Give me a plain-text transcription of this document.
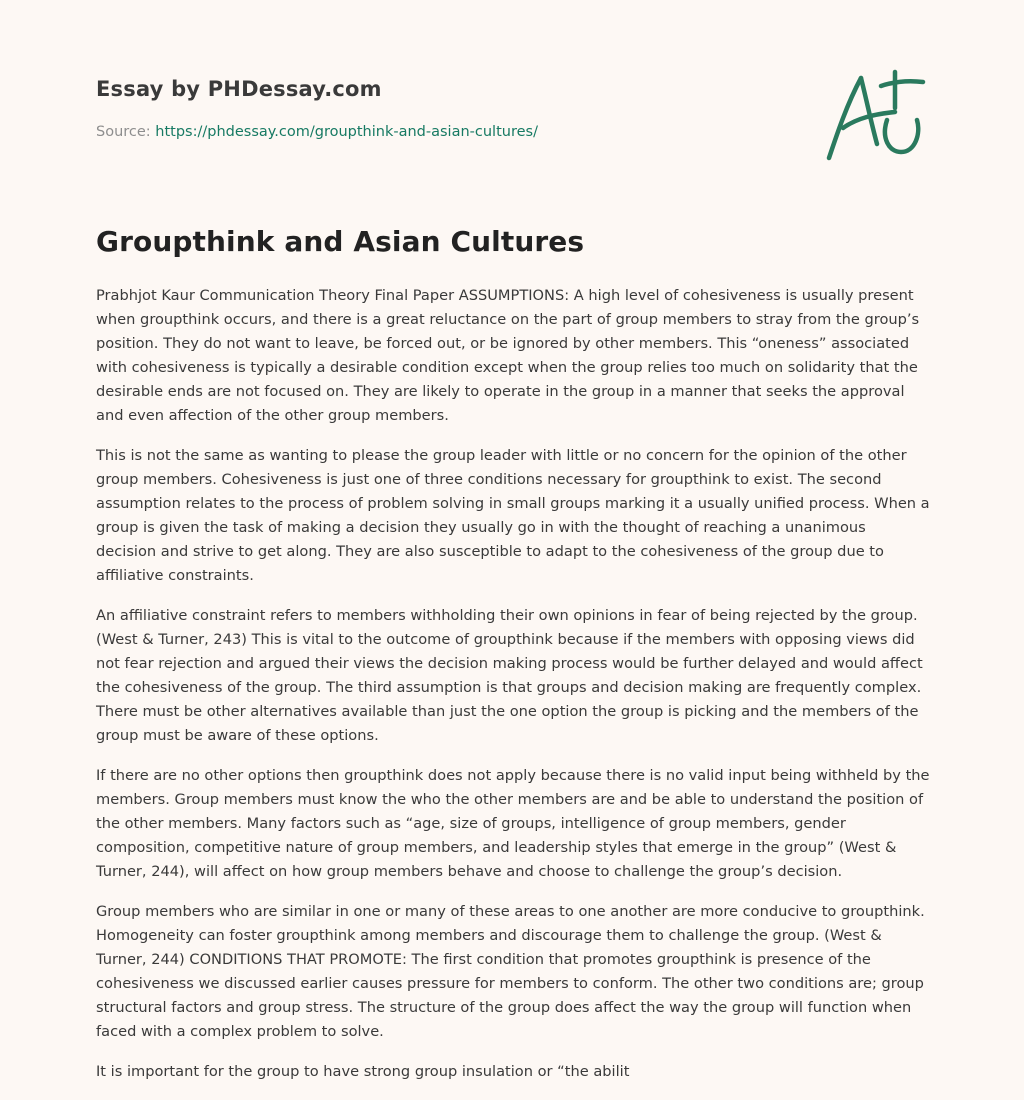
Essay by PHDessay.com

Source: https://phdessay.com/groupthink-and-asian-cultures/

Groupthink and Asian Cultures

Prabhjot Kaur Communication Theory Final Paper ASSUMPTIONS: A high level of cohesiveness is usually present when groupthink occurs, and there is a great reluctance on the part of group members to stray from the group’s position. They do not want to leave, be forced out, or be ignored by other members. This “oneness” associated with cohesiveness is typically a desirable condition except when the group relies too much on solidarity that the desirable ends are not focused on. They are likely to operate in the group in a manner that seeks the approval and even affection of the other group members.

This is not the same as wanting to please the group leader with little or no concern for the opinion of the other group members. Cohesiveness is just one of three conditions necessary for groupthink to exist. The second assumption relates to the process of problem solving in small groups marking it a usually unified process. When a group is given the task of making a decision they usually go in with the thought of reaching a unanimous decision and strive to get along. They are also susceptible to adapt to the cohesiveness of the group due to affiliative constraints.

An affiliative constraint refers to members withholding their own opinions in fear of being rejected by the group. (West & Turner, 243) This is vital to the outcome of groupthink because if the members with opposing views did not fear rejection and argued their views the decision making process would be further delayed and would affect the cohesiveness of the group. The third assumption is that groups and decision making are frequently complex. There must be other alternatives available than just the one option the group is picking and the members of the group must be aware of these options.

If there are no other options then groupthink does not apply because there is no valid input being withheld by the members. Group members must know the who the other members are and be able to understand the position of the other members. Many factors such as “age, size of groups, intelligence of group members, gender composition, competitive nature of group members, and leadership styles that emerge in the group” (West & Turner, 244), will affect on how group members behave and choose to challenge the group’s decision.

Group members who are similar in one or many of these areas to one another are more conducive to groupthink. Homogeneity can foster groupthink among members and discourage them to challenge the group. (West & Turner, 244) CONDITIONS THAT PROMOTE: The first condition that promotes groupthink is presence of the cohesiveness we discussed earlier causes pressure for members to conform. The other two conditions are; group structural factors and group stress. The structure of the group does affect the way the group will function when faced with a complex problem to solve.

It is important for the group to have strong group insulation or “the abilit
